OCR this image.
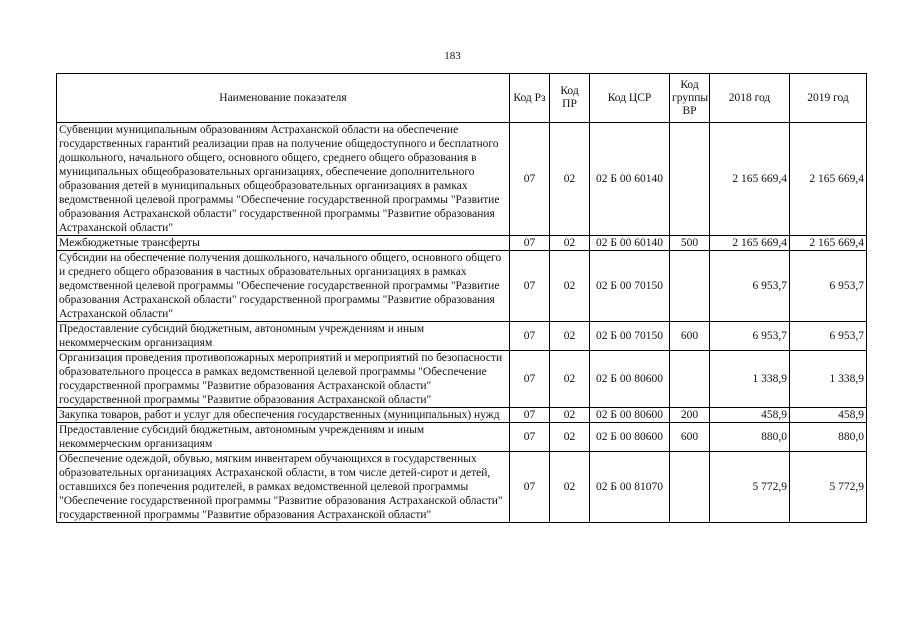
183
Наименование показателя	Код Рз	Код ПР	Код ЦСР	Код группы ВР	2018 год	2019 год
Субвенции муниципальным образованиям Астраханской области на обеспечение государственных гарантий реализации прав на получение общедоступного и бесплатного дошкольного, начального общего, основного общего, среднего общего образования в муниципальных общеобразовательных организациях, обеспечение дополнительного образования детей в муниципальных общеобразовательных организациях в рамках ведомственной целевой программы "Обеспечение государственной программы "Развитие образования Астраханской области" государственной программы "Развитие образования Астраханской области"	07	02	02 Б 00 60140		2 165 669,4	2 165 669,4
Межбюджетные трансферты	07	02	02 Б 00 60140	500	2 165 669,4	2 165 669,4
Субсидии на обеспечение получения дошкольного, начального общего, основного общего и среднего общего образования в частных образовательных организациях в рамках ведомственной целевой программы "Обеспечение государственной программы "Развитие образования Астраханской области" государственной программы "Развитие образования Астраханской области"	07	02	02 Б 00 70150		6 953,7	6 953,7
Предоставление субсидий бюджетным, автономным учреждениям и иным некоммерческим организациям	07	02	02 Б 00 70150	600	6 953,7	6 953,7
Организация проведения противопожарных мероприятий и мероприятий по безопасности образовательного процесса в рамках ведомственной целевой программы "Обеспечение государственной программы "Развитие образования Астраханской области" государственной программы "Развитие образования Астраханской области"	07	02	02 Б 00 80600		1 338,9	1 338,9
Закупка товаров, работ и услуг для обеспечения государственных (муниципальных) нужд	07	02	02 Б 00 80600	200	458,9	458,9
Предоставление субсидий бюджетным, автономным учреждениям и иным некоммерческим организациям	07	02	02 Б 00 80600	600	880,0	880,0
Обеспечение одеждой, обувью, мягким инвентарем обучающихся в государственных образовательных организациях Астраханской области, в том числе детей-сирот и детей, оставшихся без попечения родителей, в рамках ведомственной целевой программы "Обеспечение государственной программы "Развитие образования Астраханской области" государственной программы "Развитие образования Астраханской области"	07	02	02 Б 00 81070		5 772,9	5 772,9
